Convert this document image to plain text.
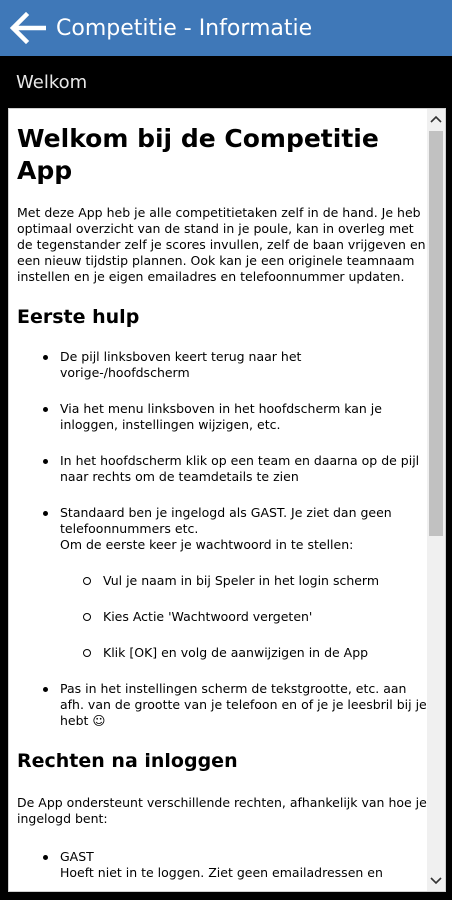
Competitie - Informatie
Welkom
Welkom bij de Competitie App

Met deze App heb je alle competitietaken zelf in de hand. Je heb optimaal overzicht van de stand in je poule, kan in overleg met de tegenstander zelf je scores invullen, zelf de baan vrijgeven en een nieuw tijdstip plannen. Ook kan je een originele teamnaam instellen en je eigen emailadres en telefoonnummer updaten.

Eerste hulp
De pijl linksboven keert terug naar het vorige-/hoofdscherm
Via het menu linksboven in het hoofdscherm kan je inloggen, instellingen wijzigen, etc.
In het hoofdscherm klik op een team en daarna op de pijl naar rechts om de teamdetails te zien
Standaard ben je ingelogd als GAST. Je ziet dan geen telefoonnummers etc.
Om de eerste keer je wachtwoord in te stellen:
Vul je naam in bij Speler in het login scherm
Kies Actie 'Wachtwoord vergeten'
Klik [OK] en volg de aanwijzigen in de App
Pas in het instellingen scherm de tekstgrootte, etc. aan afh. van de grootte van je telefoon en of je je leesbril bij je hebt ☺
Rechten na inloggen

De App ondersteunt verschillende rechten, afhankelijk van hoe je ingelogd bent:

GAST
Hoeft niet in te loggen. Ziet geen emailadressen en
